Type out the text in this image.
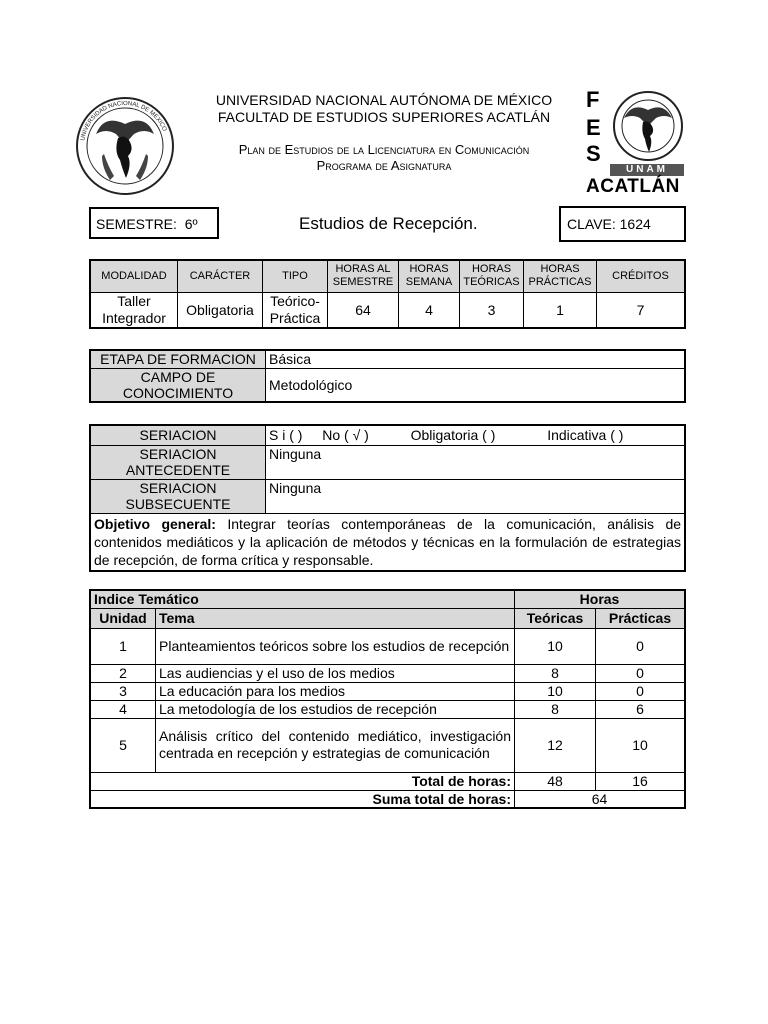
UNIVERSIDAD NACIONAL DE MEXICO
UNIVERSIDAD NACIONAL AUTÓNOMA DE MÉXICO
FACULTAD DE ESTUDIOS SUPERIORES ACATLÁN
Plan de Estudios de la Licenciatura en Comunicación
Programa de Asignatura
F
E
S
UNAM
ACATLÁN
SEMESTRE: 6º	Estudios de Recepción.	CLAVE: 1624
MODALIDAD	CARÁCTER	TIPO	HORAS AL SEMESTRE	HORAS SEMANA	HORAS TEÓRICAS	HORAS PRÁCTICAS	CRÉDITOS
Taller Integrador	Obligatoria	Teórico-Práctica	64	4	3	1	7
ETAPA DE FORMACION	Básica
CAMPO DE CONOCIMIENTO	Metodológico
SERIACION	S i ( ) No ( √ ) Obligatoria ( ) Indicativa ( )
SERIACION ANTECEDENTE	Ninguna
SERIACION SUBSECUENTE	Ninguna
Objetivo general: Integrar teorías contemporáneas de la comunicación, análisis de contenidos mediáticos y la aplicación de métodos y técnicas en la formulación de estrategias de recepción, de forma crítica y responsable.	
Indice Temático		Horas	
Unidad	Tema	Teóricas	Prácticas
1	Planteamientos teóricos sobre los estudios de recepción	10	0
2	Las audiencias y el uso de los medios	8	0
3	La educación para los medios	10	0
4	La metodología de los estudios de recepción	8	6
5	Análisis crítico del contenido mediático, investigación centrada en recepción y estrategias de comunicación	12	10
Total de horas:		48	16
Suma total de horas:		64	
